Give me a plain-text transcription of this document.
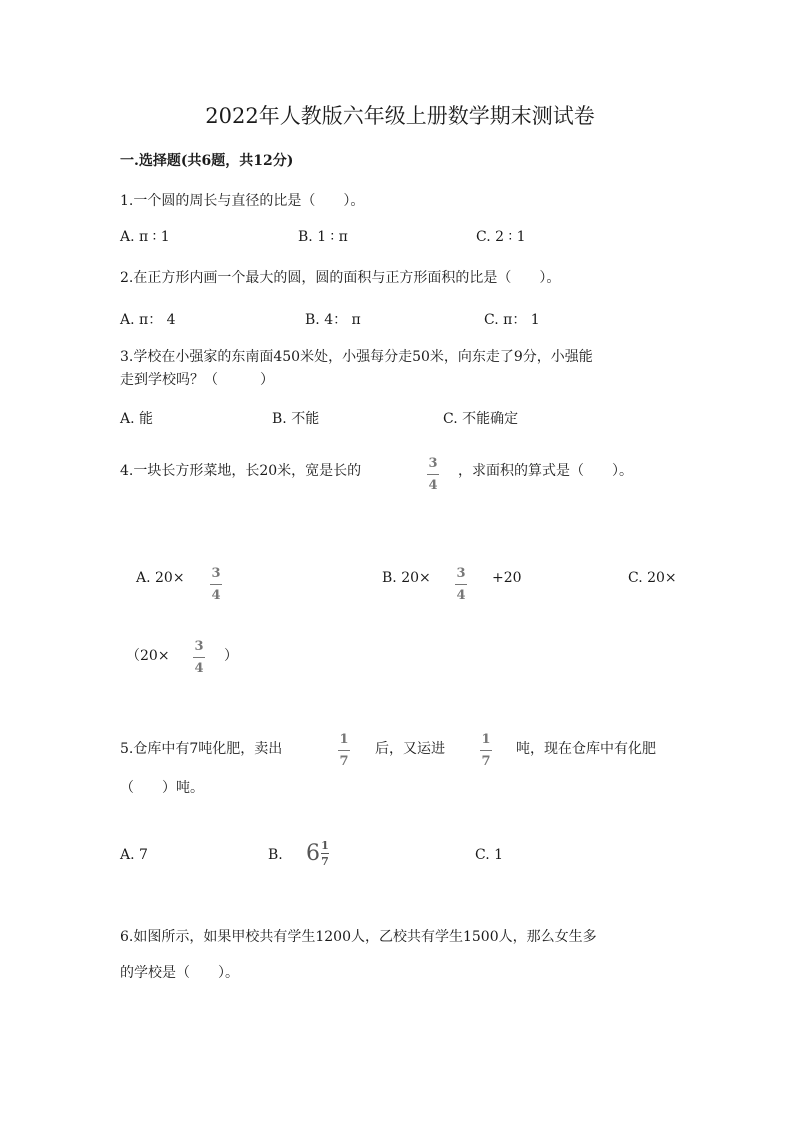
2022年人教版六年级上册数学期末测试卷
一.选择题(共6题，共12分)
1.一个圆的周长与直径的比是（　　）。
A. π ∶ 1	B. 1 ∶ π	C. 2 ∶ 1
2.在正方形内画一个最大的圆，圆的面积与正方形面积的比是（　　）。
A. π： 4	B. 4： π	C. π： 1
3.学校在小强家的东南面450米处，小强每分走50米，向东走了9分，小强能
走到学校吗？（　　　）
A. 能	B. 不能	C. 不能确定
4.一块长方形菜地，长20米，宽是长的	3
4
，求面积的算式是（　　）。
A. 20× 3
4
B. 20× 3
4
+20	C. 20×
（20×
3
4
）
5.仓库中有7吨化肥，卖出
1
7
后，又运进
1
7
吨，现在仓库中有化肥
（　　）吨。
A. 7	B. $6 \frac{1}{7}$	C. 1
6.如图所示，如果甲校共有学生1200人，乙校共有学生1500人，那么女生多
的学校是（　　）。
